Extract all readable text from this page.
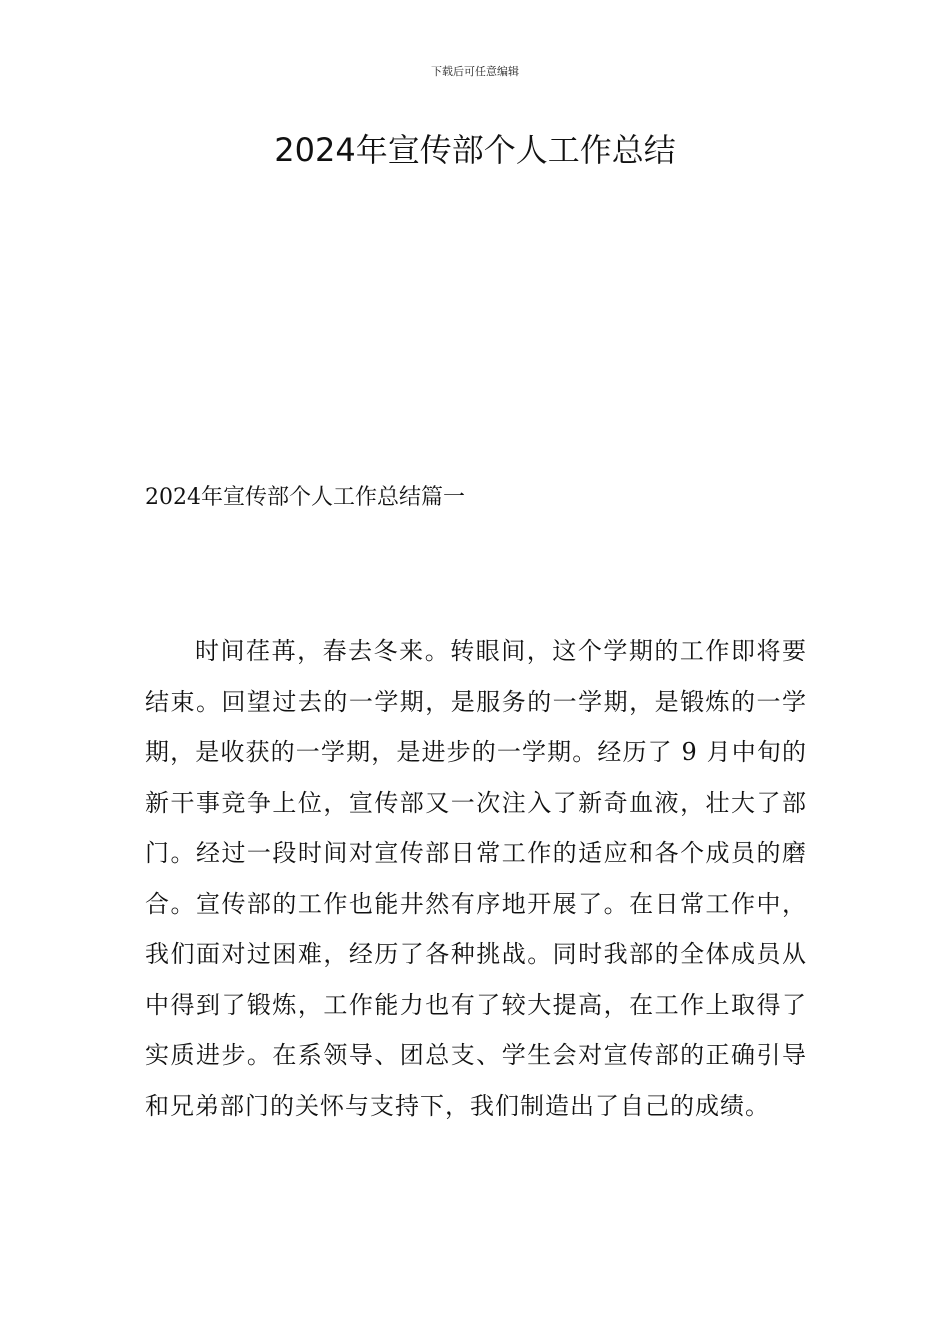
下载后可任意编辑
2024年宣传部个人工作总结
2024年宣传部个人工作总结篇一

时间荏苒，春去冬来。转眼间，这个学期的工作即将要结束。回望过去的一学期，是服务的一学期，是锻炼的一学期，是收获的一学期，是进步的一学期。经历了 9 月中旬的新干事竞争上位，宣传部又一次注入了新奇血液，壮大了部门。经过一段时间对宣传部日常工作的适应和各个成员的磨合。宣传部的工作也能井然有序地开展了。在日常工作中，我们面对过困难，经历了各种挑战。同时我部的全体成员从中得到了锻炼，工作能力也有了较大提高，在工作上取得了实质进步。在系领导、团总支、学生会对宣传部的正确引导和兄弟部门的关怀与支持下，我们制造出了自己的成绩。
